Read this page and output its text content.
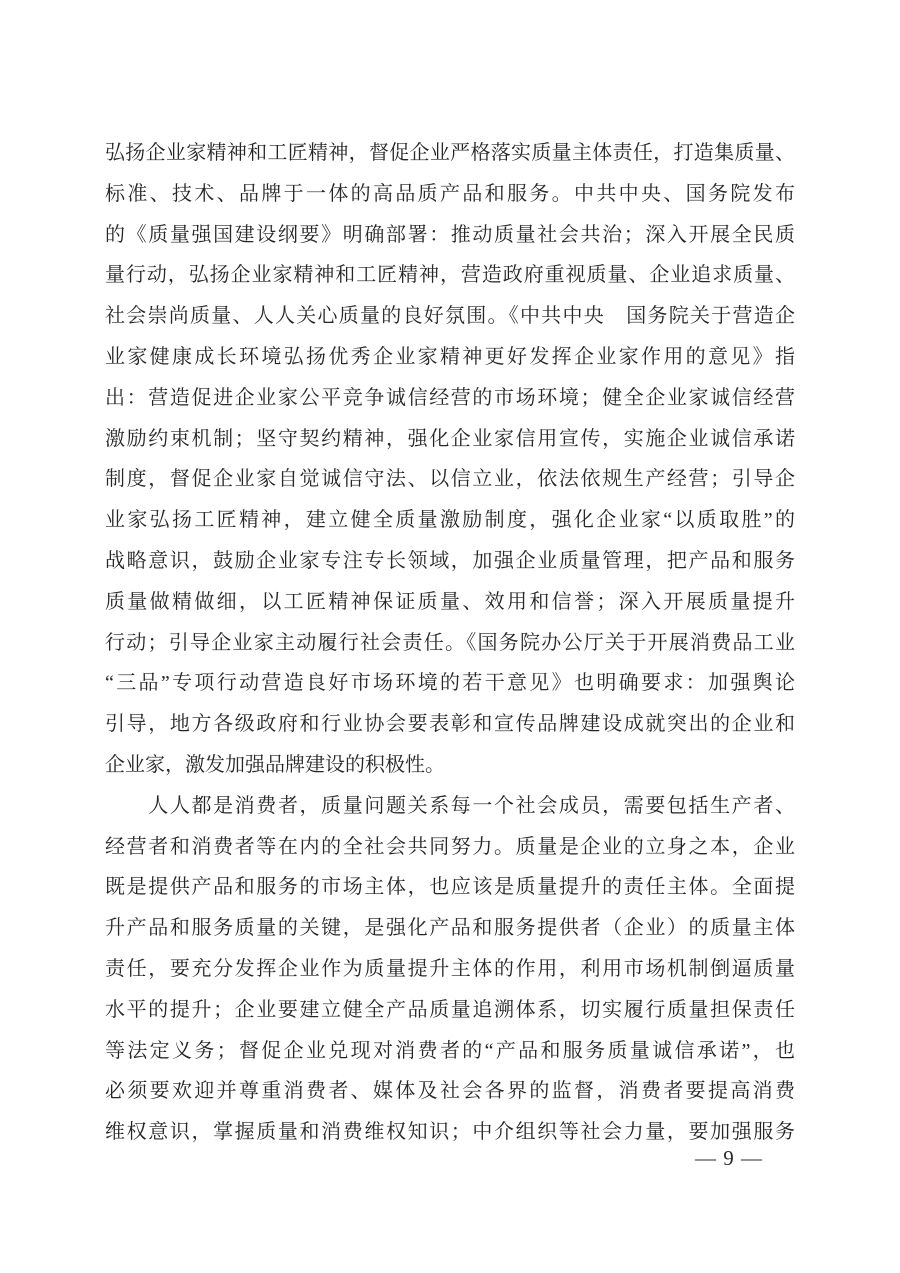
弘扬企业家精神和工匠精神，督促企业严格落实质量主体责任，打造集质量、
标准、技术、品牌于一体的高品质产品和服务。中共中央、国务院发布
的《质量强国建设纲要》明确部署：推动质量社会共治；深入开展全民质
量行动，弘扬企业家精神和工匠精神，营造政府重视质量、企业追求质量、
社会崇尚质量、人人关心质量的良好氛围。《中共中央　国务院关于营造企
业家健康成长环境弘扬优秀企业家精神更好发挥企业家作用的意见》指
出：营造促进企业家公平竞争诚信经营的市场环境；健全企业家诚信经营
激励约束机制；坚守契约精神，强化企业家信用宣传，实施企业诚信承诺
制度，督促企业家自觉诚信守法、以信立业，依法依规生产经营；引导企
业家弘扬工匠精神，建立健全质量激励制度，强化企业家“以质取胜”的
战略意识，鼓励企业家专注专长领域，加强企业质量管理，把产品和服务
质量做精做细，以工匠精神保证质量、效用和信誉；深入开展质量提升
行动；引导企业家主动履行社会责任。《国务院办公厅关于开展消费品工业
“三品”专项行动营造良好市场环境的若干意见》也明确要求：加强舆论
引导，地方各级政府和行业协会要表彰和宣传品牌建设成就突出的企业和
企业家，激发加强品牌建设的积极性。
　　人人都是消费者，质量问题关系每一个社会成员，需要包括生产者、
经营者和消费者等在内的全社会共同努力。质量是企业的立身之本，企业
既是提供产品和服务的市场主体，也应该是质量提升的责任主体。全面提
升产品和服务质量的关键，是强化产品和服务提供者（企业）的质量主体
责任，要充分发挥企业作为质量提升主体的作用，利用市场机制倒逼质量
水平的提升；企业要建立健全产品质量追溯体系，切实履行质量担保责任
等法定义务；督促企业兑现对消费者的“产品和服务质量诚信承诺”，也
必须要欢迎并尊重消费者、媒体及社会各界的监督，消费者要提高消费
维权意识，掌握质量和消费维权知识；中介组织等社会力量，要加强服务
— 9 —
